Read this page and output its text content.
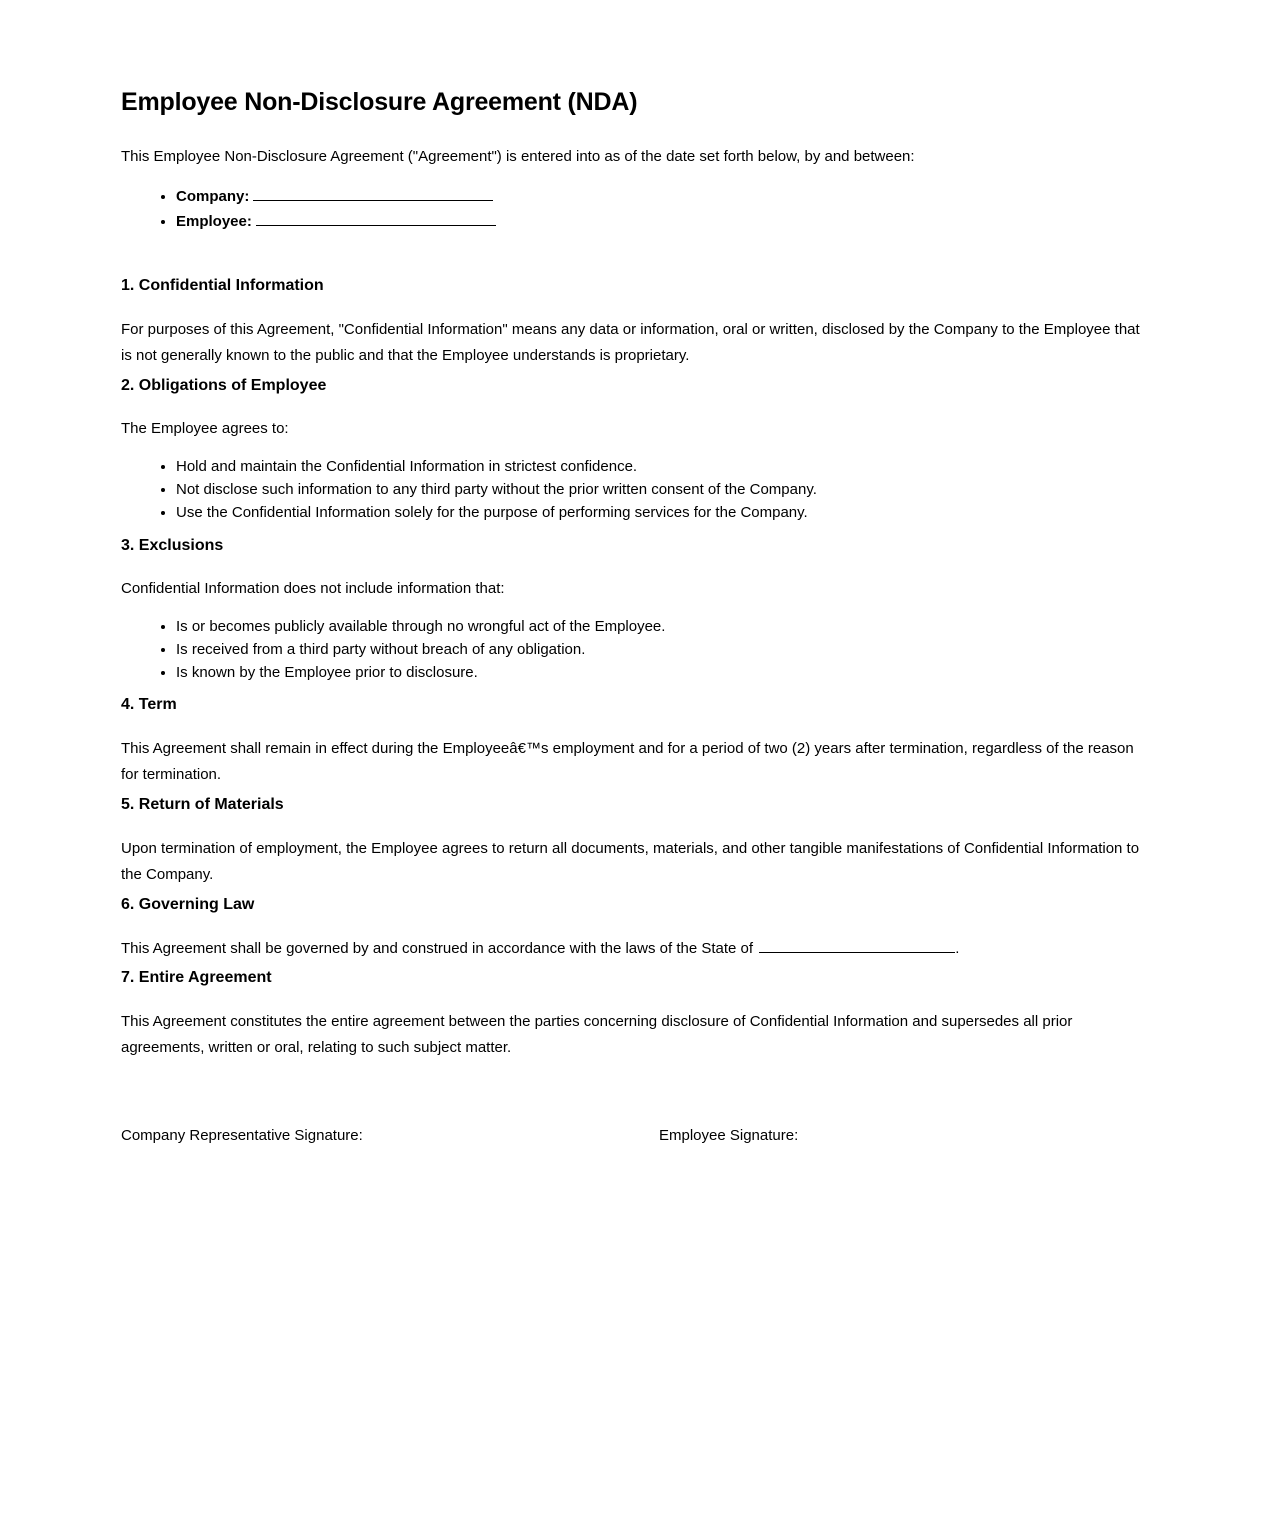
Employee Non-Disclosure Agreement (NDA)

This Employee Non-Disclosure Agreement ("Agreement") is entered into as of the date set forth below, by and between:

• Company:
• Employee:
1. Confidential Information

For purposes of this Agreement, "Confidential Information" means any data or information, oral or written, disclosed by the Company to the Employee that is not generally known to the public and that the Employee understands is proprietary.

2. Obligations of Employee

The Employee agrees to:

• Hold and maintain the Confidential Information in strictest confidence.
• Not disclose such information to any third party without the prior written consent of the Company.
• Use the Confidential Information solely for the purpose of performing services for the Company.
3. Exclusions

Confidential Information does not include information that:

• Is or becomes publicly available through no wrongful act of the Employee.
• Is received from a third party without breach of any obligation.
• Is known by the Employee prior to disclosure.
4. Term

This Agreement shall remain in effect during the Employeeâ€™s employment and for a period of two (2) years after termination, regardless of the reason for termination.

5. Return of Materials

Upon termination of employment, the Employee agrees to return all documents, materials, and other tangible manifestations of Confidential Information to the Company.

6. Governing Law

This Agreement shall be governed by and construed in accordance with the laws of the State of	.

7. Entire Agreement

This Agreement constitutes the entire agreement between the parties concerning disclosure of Confidential Information and supersedes all prior agreements, written or oral, relating to such subject matter.

Company Representative Signature:	Employee Signature:
